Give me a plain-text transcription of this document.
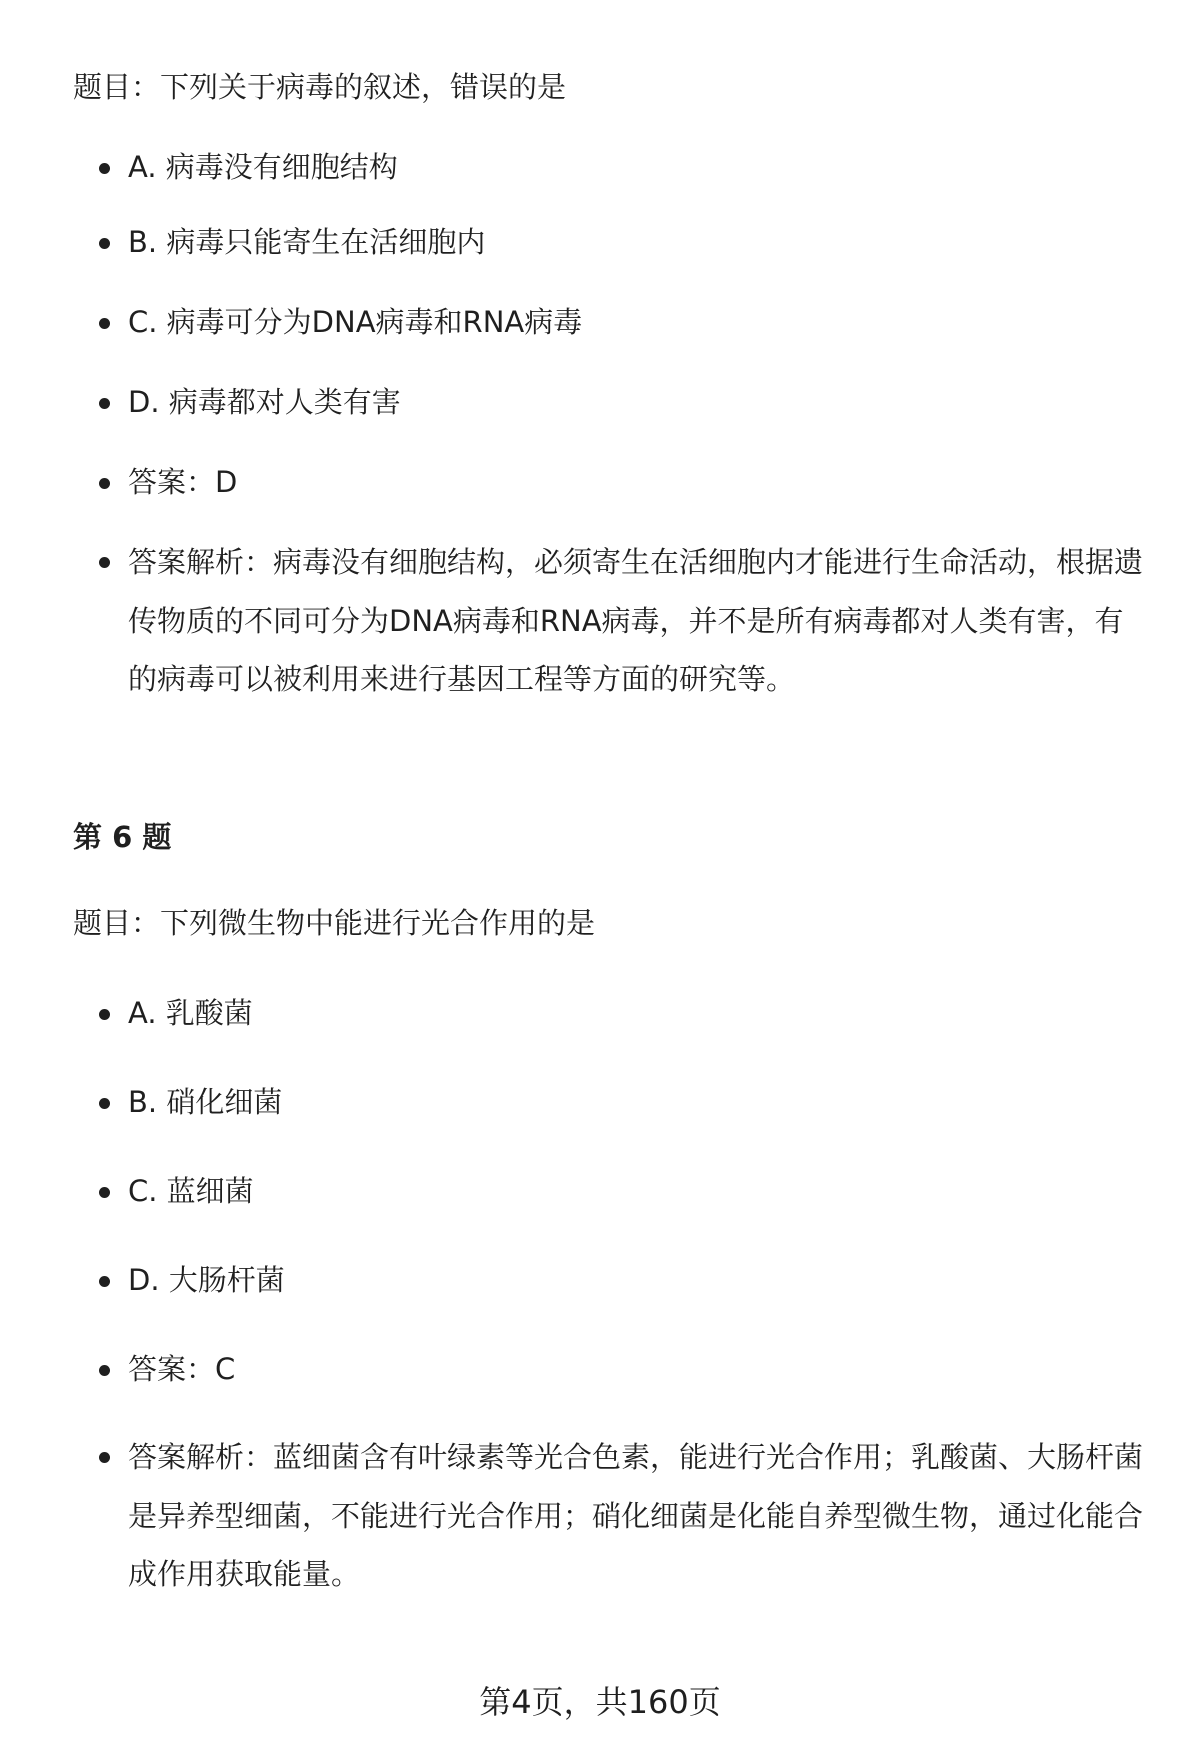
题目：下列关于病毒的叙述，错误的是

A. 病毒没有细胞结构
B. 病毒只能寄生在活细胞内
C. 病毒可分为DNA病毒和RNA病毒
D. 病毒都对人类有害
答案：D
答案解析：病毒没有细胞结构，必须寄生在活细胞内才能进行生命活动，根据遗传物质的不同可分为DNA病毒和RNA病毒，并不是所有病毒都对人类有害，有的病毒可以被利用来进行基因工程等方面的研究等。

第 6 题

题目：下列微生物中能进行光合作用的是

A. 乳酸菌
B. 硝化细菌
C. 蓝细菌
D. 大肠杆菌
答案：C
答案解析：蓝细菌含有叶绿素等光合色素，能进行光合作用；乳酸菌、大肠杆菌是异养型细菌，不能进行光合作用；硝化细菌是化能自养型微生物，通过化能合成作用获取能量。

第4页，共160页
